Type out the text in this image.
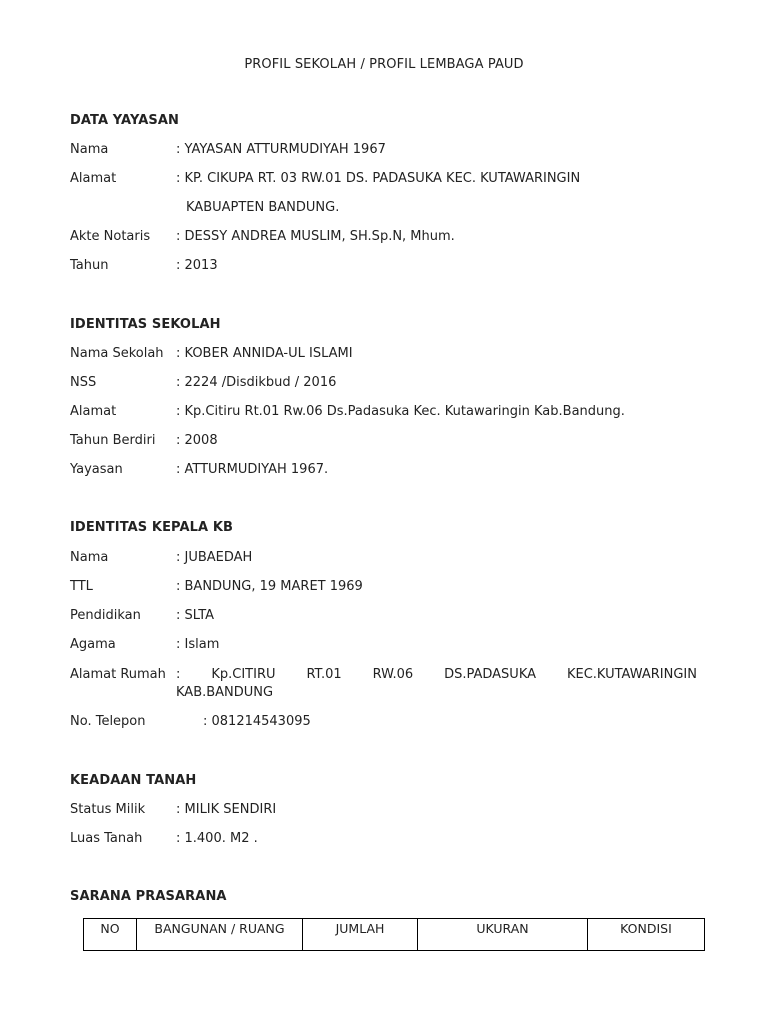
PROFIL SEKOLAH / PROFIL LEMBAGA PAUD
DATA YAYASAN
Nama	: YAYASAN ATTURMUDIYAH 1967
Alamat	: KP. CIKUPA RT. 03 RW.01 DS. PADASUKA KEC. KUTAWARINGIN
KABUAPTEN BANDUNG.
Akte Notaris : DESSY ANDREA MUSLIM, SH.Sp.N, Mhum.
Tahun	: 2013
IDENTITAS SEKOLAH
Nama Sekolah : KOBER ANNIDA-UL ISLAMI
NSS	: 2224 /Disdikbud / 2016
Alamat	: Kp.Citiru Rt.01 Rw.06 Ds.Padasuka Kec. Kutawaringin Kab.Bandung.
Tahun Berdiri : 2008
Yayasan	: ATTURMUDIYAH 1967.
IDENTITAS KEPALA KB
Nama	: JUBAEDAH
TTL	: BANDUNG, 19 MARET 1969
Pendidikan	: SLTA
Agama	: Islam
Alamat Rumah : Kp.CITIRU RT.01 RW.06 DS.PADASUKA KEC.KUTAWARINGIN
KAB.BANDUNG
No. Telepon	: 081214543095
KEADAAN TANAH
Status Milik : MILIK SENDIRI
Luas Tanah	: 1.400. M2 .
SARANA PRASARANA
NO	BANGUNAN / RUANG	JUMLAH	UKURAN	KONDISI
